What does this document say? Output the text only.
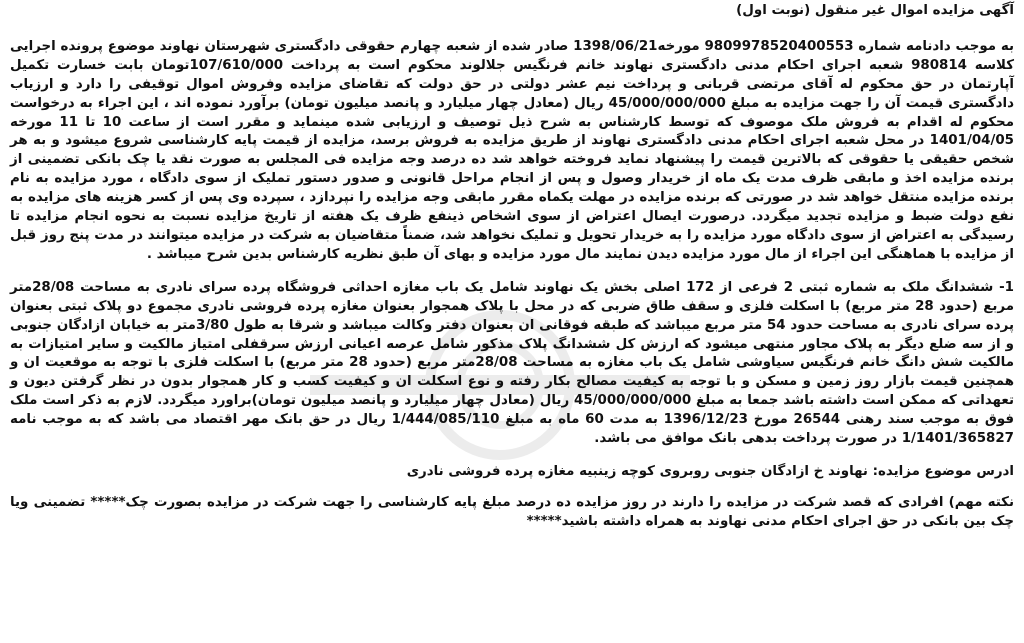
آگهی مزایده اموال غیر منقول (نوبت اول)

به موجب دادنامه شماره 9809978520400553 مورخه1398/06/21 صادر شده از شعبه چهارم حقوقی دادگستری شهرستان نهاوند موضوع پرونده اجرایی کلاسه 980814 شعبه اجرای احکام مدنی دادگستری نهاوند خانم فرنگیس جلالوند محکوم است به پرداخت 107/610/000تومان بابت خسارت تکمیل آپارتمان در حق محکوم له آقای مرتضی قربانی و پرداخت نیم عشر دولتی در حق دولت که تقاضای مزایده وفروش اموال توقیفی را دارد و ارزیاب دادگستری قیمت آن را جهت مزایده به مبلغ 45/000/000/000 ریال (معادل چهار میلیارد و پانصد میلیون تومان) برآورد نموده اند ، این اجراء به درخواست محکوم له اقدام به فروش ملک موصوف که توسط کارشناس به شرح ذیل توصیف و ارزیابی شده مینماید و مقرر است از ساعت 10 تا 11 مورخه 1401/04/05 در محل شعبه اجرای احکام مدنی دادگستری نهاوند از طریق مزایده به فروش برسد، مزایده از قیمت پایه کارشناسی شروع میشود و به هر شخص حقیقی یا حقوقی که بالاترین قیمت را پیشنهاد نماید فروخته خواهد شد ده درصد وجه مزایده فی المجلس به صورت نقد یا چک بانکی تضمینی از برنده مزایده اخذ و مابقی ظرف مدت یک ماه از خریدار وصول و پس از انجام مراحل قانونی و صدور دستور تملیک از سوی دادگاه ، مورد مزایده به نام برنده مزایده منتقل خواهد شد در صورتی که برنده مزایده در مهلت یکماه مقرر مابقی وجه مزایده را نپردازد ، سپرده وی پس از کسر هزینه های مزایده به نفع دولت ضبط و مزایده تجدید میگردد. درصورت ایصال اعتراض از سوی اشخاص ذینفع ظرف یک هفته از تاریخ مزایده نسبت به نحوه انجام مزایده تا رسیدگی به اعتراض از سوی دادگاه مورد مزایده را به خریدار تحویل و تملیک نخواهد شد، ضمناً متقاضیان به شرکت در مزایده میتوانند در مدت پنج روز قبل از مزایده با هماهنگی این اجراء از مال مورد مزایده دیدن نمایند مال مورد مزایده و بهای آن طبق نظریه کارشناس بدین شرح میباشد .

1- ششدانگ ملک به شماره ثبتی 2 فرعی از 172 اصلی بخش یک نهاوند شامل یک باب مغازه احداثی فروشگاه پرده سرای نادری به مساحت 28/08متر مربع (حدود 28 متر مربع) با اسکلت فلزی و سقف طاق ضربی که در محل با پلاک همجوار بعنوان مغازه پرده فروشی نادری مجموع دو پلاک ثبتی بعنوان پرده سرای نادری به مساحت حدود 54 متر مربع میباشد که طبقه فوقانی ان بعنوان دفتر وکالت میباشد و شرقا به طول 3/80متر به خیابان ازادگان جنوبی و از سه ضلع دیگر به پلاک مجاور منتهی میشود که ارزش کل ششدانگ پلاک مذکور شامل عرصه اعیانی ارزش سرقفلی امتیاز مالکیت و سایر امتیازات به مالکیت شش دانگ خانم فرنگیس سیاوشی شامل یک باب مغازه به مساحت 28/08متر مربع (حدود 28 متر مربع) با اسکلت فلزی با توجه به موقعیت ان و همچنین قیمت بازار روز زمین و مسکن و با توجه به کیفیت مصالح بکار رفته و نوع اسکلت ان و کیفیت کسب و کار همجوار بدون در نظر گرفتن دیون و تعهداتی که ممکن است داشته باشد جمعا به مبلغ 45/000/000/000 ریال (معادل چهار میلیارد و پانصد میلیون تومان)براورد میگردد. لازم به ذکر است ملک فوق به موجب سند رهنی 26544 مورخ 1396/12/23 به مدت 60 ماه به مبلغ 1/444/085/110 ریال در حق بانک مهر اقتصاد می باشد که به موجب نامه 1/1401/365827 در صورت پرداخت بدهی بانک موافق می باشد.

ادرس موضوع مزایده: نهاوند خ ازادگان جنوبی روبروی کوچه زینبیه مغازه پرده فروشی نادری

نکته مهم) افرادی که قصد شرکت در مزایده را دارند در روز مزایده ده درصد مبلغ پایه کارشناسی را جهت شرکت در مزایده بصورت چک***** تضمینی ویا چک بین بانکی در حق اجرای احکام مدنی نهاوند به همراه داشته باشید*****
